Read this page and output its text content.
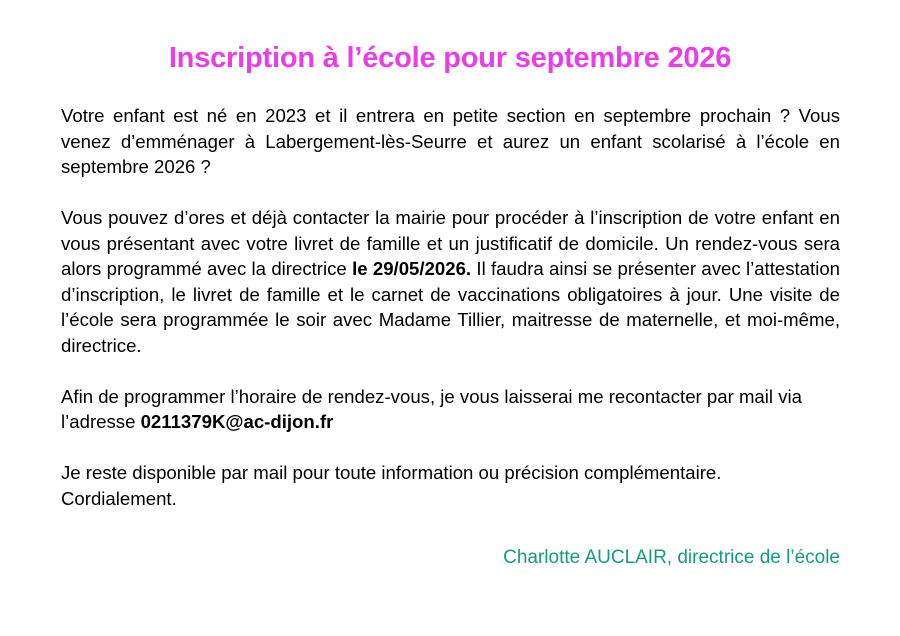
Inscription à l’école pour septembre 2026

Votre enfant est né en 2023 et il entrera en petite section en septembre prochain ? Vous venez d’emménager à Labergement-lès-Seurre et aurez un enfant scolarisé à l’école en septembre 2026 ?

Vous pouvez d’ores et déjà contacter la mairie pour procéder à l’inscription de votre enfant en vous présentant avec votre livret de famille et un justificatif de domicile. Un rendez-vous sera alors programmé avec la directrice le 29/05/2026. Il faudra ainsi se présenter avec l’attestation d’inscription, le livret de famille et le carnet de vaccinations obligatoires à jour. Une visite de l’école sera programmée le soir avec Madame Tillier, maitresse de maternelle, et moi-même, directrice.

Afin de programmer l’horaire de rendez-vous, je vous laisserai me recontacter par mail via l’adresse 0211379K@ac-dijon.fr

Je reste disponible par mail pour toute information ou précision complémentaire.
Cordialement.

Charlotte AUCLAIR, directrice de l’école
